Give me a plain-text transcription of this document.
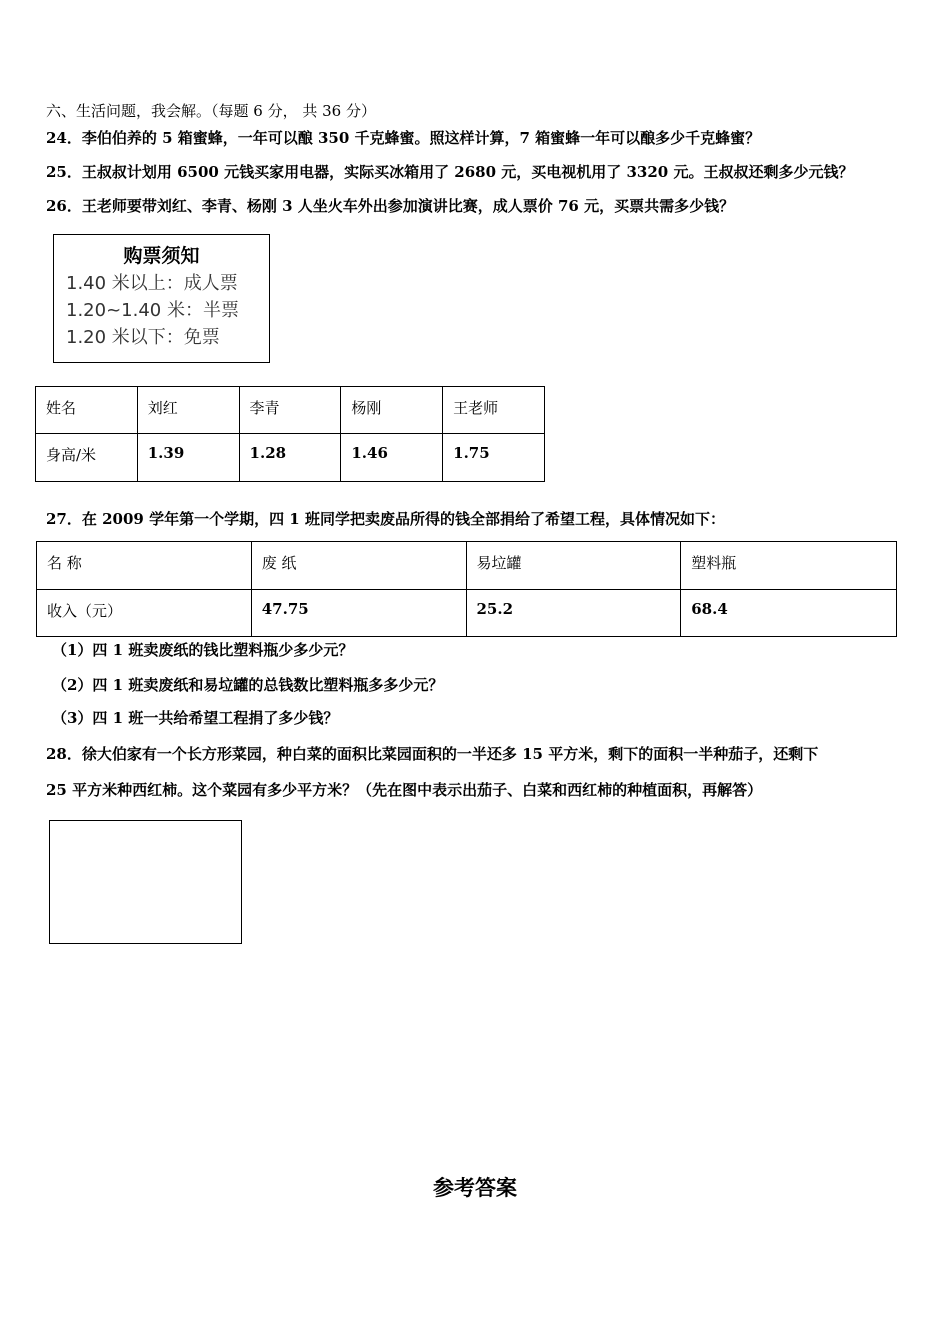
六、生活问题，我会解。（每题 6 分， 共 36 分）
24．李伯伯养的 5 箱蜜蜂，一年可以酿 350 千克蜂蜜。照这样计算，7 箱蜜蜂一年可以酿多少千克蜂蜜？
25．王叔叔计划用 6500 元钱买家用电器，实际买冰箱用了 2680 元，买电视机用了 3320 元。王叔叔还剩多少元钱？
26．王老师要带刘红、李青、杨刚 3 人坐火车外出参加演讲比赛，成人票价 76 元，买票共需多少钱？
购票须知
1.40 米以上：成人票
1.20~1.40 米：半票
1.20 米以下：免票
姓名	刘红	李青	杨刚	王老师
身高/米	1.39	1.28	1.46	1.75
27．在 2009 学年第一个学期，四 1 班同学把卖废品所得的钱全部捐给了希望工程，具体情况如下：
名 称	废 纸	易垃罐	塑料瓶
收入（元）	47.75	25.2	68.4
（1）四 1 班卖废纸的钱比塑料瓶少多少元？
（2）四 1 班卖废纸和易垃罐的总钱数比塑料瓶多多少元？
（3）四 1 班一共给希望工程捐了多少钱？
28．徐大伯家有一个长方形菜园，种白菜的面积比菜园面积的一半还多 15 平方米，剩下的面积一半种茄子，还剩下
25 平方米种西红柿。这个菜园有多少平方米？（先在图中表示出茄子、白菜和西红柿的种植面积，再解答）
参考答案
